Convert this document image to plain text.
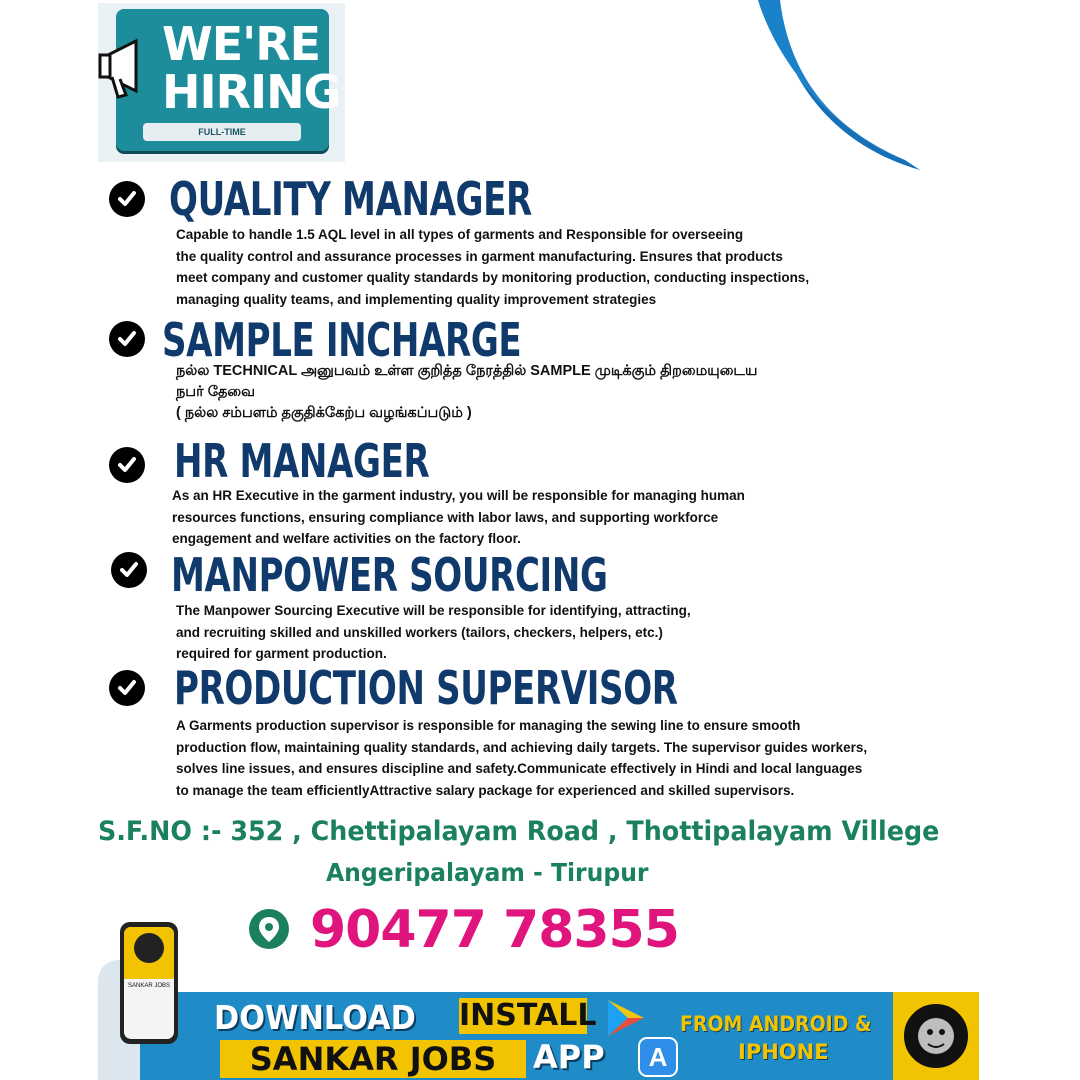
WE'RE
HIRING
FULL-TIME
QUALITY MANAGER

Capable to handle 1.5 AQL level in all types of garments and Responsible for overseeing
the quality control and assurance processes in garment manufacturing. Ensures that products
meet company and customer quality standards by monitoring production, conducting inspections,
managing quality teams, and implementing quality improvement strategies

SAMPLE INCHARGE

நல்ல TECHNICAL அனுபவம் உள்ள குறித்த நேரத்தில் SAMPLE முடிக்கும் திறமையுடைய
நபர் தேவை
( நல்ல சம்பளம் தகுதிக்கேற்ப வழங்கப்படும் )

HR MANAGER

As an HR Executive in the garment industry, you will be responsible for managing human
resources functions, ensuring compliance with labor laws, and supporting workforce
engagement and welfare activities on the factory floor.

MANPOWER SOURCING

The Manpower Sourcing Executive will be responsible for identifying, attracting,
and recruiting skilled and unskilled workers (tailors, checkers, helpers, etc.)
required for garment production.

PRODUCTION SUPERVISOR

A Garments production supervisor is responsible for managing the sewing line to ensure smooth
production flow, maintaining quality standards, and achieving daily targets. The supervisor guides workers,
solves line issues, and ensures discipline and safety.Communicate effectively in Hindi and local languages
to manage the team efficientlyAttractive salary package for experienced and skilled supervisors.

S.F.NO :- 352 , Chettipalayam Road , Thottipalayam Villege
Angeripalayam - Tirupur
90477 78355
SANKAR JOBS
DOWNLOAD INSTALL
SANKAR JOBS	APP	A
FROM ANDROID &
IPHONE
